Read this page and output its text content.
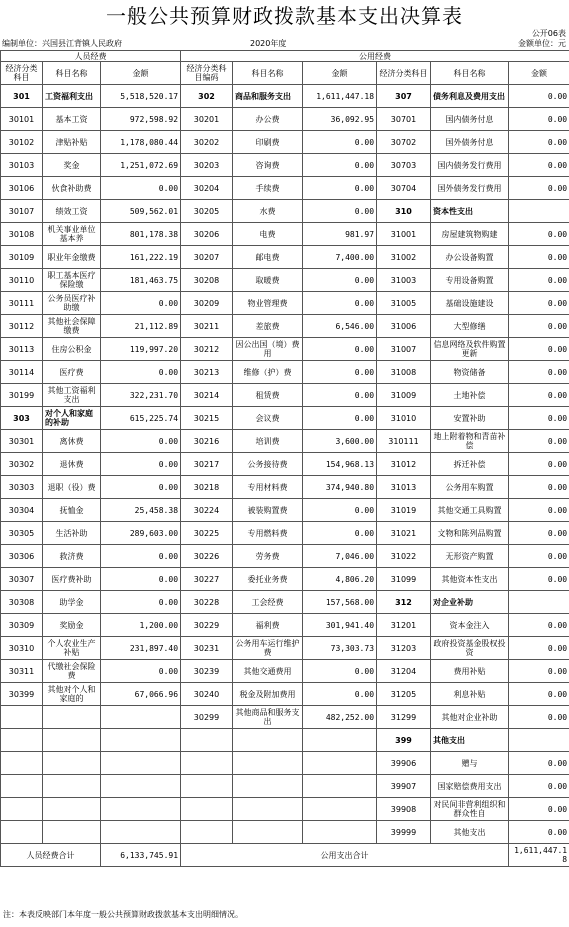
一般公共预算财政拨款基本支出决算表
公开06表
编制单位：兴国县江背镇人民政府	2020年度	金额单位：元
人员经费			公用经费					
经济分类科目	科目名称	金额	经济分类科目编码	科目名称	金额	经济分类科目	科目名称	金额
301	工资福利支出	5,518,520.17	302	商品和服务支出	1,611,447.18	307	债务利息及费用支出	0.00
30101	基本工资	972,598.92	30201	办公费	36,092.95	30701	国内债务付息	0.00
30102	津贴补贴	1,178,080.44	30202	印刷费	0.00	30702	国外债务付息	0.00
30103	奖金	1,251,072.69	30203	咨询费	0.00	30703	国内债务发行费用	0.00
30106	伙食补助费	0.00	30204	手续费	0.00	30704	国外债务发行费用	0.00
30107	绩效工资	509,562.01	30205	水费	0.00	310	资本性支出	
30108	机关事业单位基本养	801,178.38	30206	电费	981.97	31001	房屋建筑物购建	0.00
30109	职业年金缴费	161,222.19	30207	邮电费	7,400.00	31002	办公设备购置	0.00
30110	职工基本医疗保险缴	181,463.75	30208	取暖费	0.00	31003	专用设备购置	0.00
30111	公务员医疗补助缴	0.00	30209	物业管理费	0.00	31005	基础设施建设	0.00
30112	其他社会保障缴费	21,112.89	30211	差旅费	6,546.00	31006	大型修缮	0.00
30113	住房公积金	119,997.20	30212	因公出国（境）费用	0.00	31007	信息网络及软件购置更新	0.00
30114	医疗费	0.00	30213	维修（护）费	0.00	31008	物资储备	0.00
30199	其他工资福利支出	322,231.70	30214	租赁费	0.00	31009	土地补偿	0.00
303	对个人和家庭的补助	615,225.74	30215	会议费	0.00	31010	安置补助	0.00
30301	离休费	0.00	30216	培训费	3,600.00	310111	地上附着物和青苗补偿	0.00
30302	退休费	0.00	30217	公务接待费	154,968.13	31012	拆迁补偿	0.00
30303	退职（役）费	0.00	30218	专用材料费	374,940.80	31013	公务用车购置	0.00
30304	抚恤金	25,458.38	30224	被装购置费	0.00	31019	其他交通工具购置	0.00
30305	生活补助	289,603.00	30225	专用燃料费	0.00	31021	文物和陈列品购置	0.00
30306	救济费	0.00	30226	劳务费	7,046.00	31022	无形资产购置	0.00
30307	医疗费补助	0.00	30227	委托业务费	4,806.20	31099	其他资本性支出	0.00
30308	助学金	0.00	30228	工会经费	157,568.00	312	对企业补助	
30309	奖励金	1,200.00	30229	福利费	301,941.40	31201	资本金注入	0.00
30310	个人农业生产补贴	231,897.40	30231	公务用车运行维护费	73,303.73	31203	政府投资基金股权投资	0.00
30311	代缴社会保险费	0.00	30239	其他交通费用	0.00	31204	费用补贴	0.00
30399	其他对个人和家庭的	67,066.96	30240	税金及附加费用	0.00	31205	利息补贴	0.00
			30299	其他商品和服务支出	482,252.00	31299	其他对企业补助	0.00
						399	其他支出	
						39906	赠与	0.00
						39907	国家赔偿费用支出	0.00
						39908	对民间非营利组织和群众性自	0.00
						39999	其他支出	0.00
人员经费合计		6,133,745.91	公用支出合计					1,611,447.18
注：本表反映部门本年度一般公共预算财政拨款基本支出明细情况。
